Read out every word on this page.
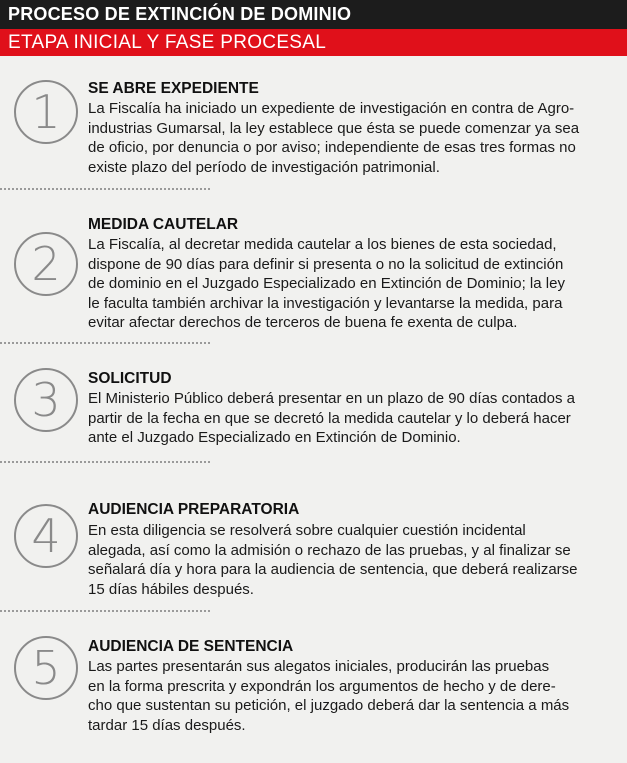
PROCESO DE EXTINCIÓN DE DOMINIO
ETAPA INICIAL Y FASE PROCESAL
1 SE ABRE EXPEDIENTE

La Fiscalía ha iniciado un expediente de investigación en contra de Agro-
industrias Gumarsal, la ley establece que ésta se puede comenzar ya sea
de oficio, por denuncia o por aviso; independiente de esas tres formas no
existe plazo del período de investigación patrimonial.

2
MEDIDA CAUTELAR

La Fiscalía, al decretar medida cautelar a los bienes de esta sociedad,
dispone de 90 días para definir si presenta o no la solicitud de extinción
de dominio en el Juzgado Especializado en Extinción de Dominio; la ley
le faculta también archivar la investigación y levantarse la medida, para
evitar afectar derechos de terceros de buena fe exenta de culpa.

3 SOLICITUD

El Ministerio Público deberá presentar en un plazo de 90 días contados a
partir de la fecha en que se decretó la medida cautelar y lo deberá hacer
ante el Juzgado Especializado en Extinción de Dominio.

4 AUDIENCIA PREPARATORIA

En esta diligencia se resolverá sobre cualquier cuestión incidental
alegada, así como la admisión o rechazo de las pruebas, y al finalizar se
señalará día y hora para la audiencia de sentencia, que deberá realizarse
15 días hábiles después.

5 AUDIENCIA DE SENTENCIA

Las partes presentarán sus alegatos iniciales, producirán las pruebas
en la forma prescrita y expondrán los argumentos de hecho y de dere-
cho que sustentan su petición, el juzgado deberá dar la sentencia a más
tardar 15 días después.
